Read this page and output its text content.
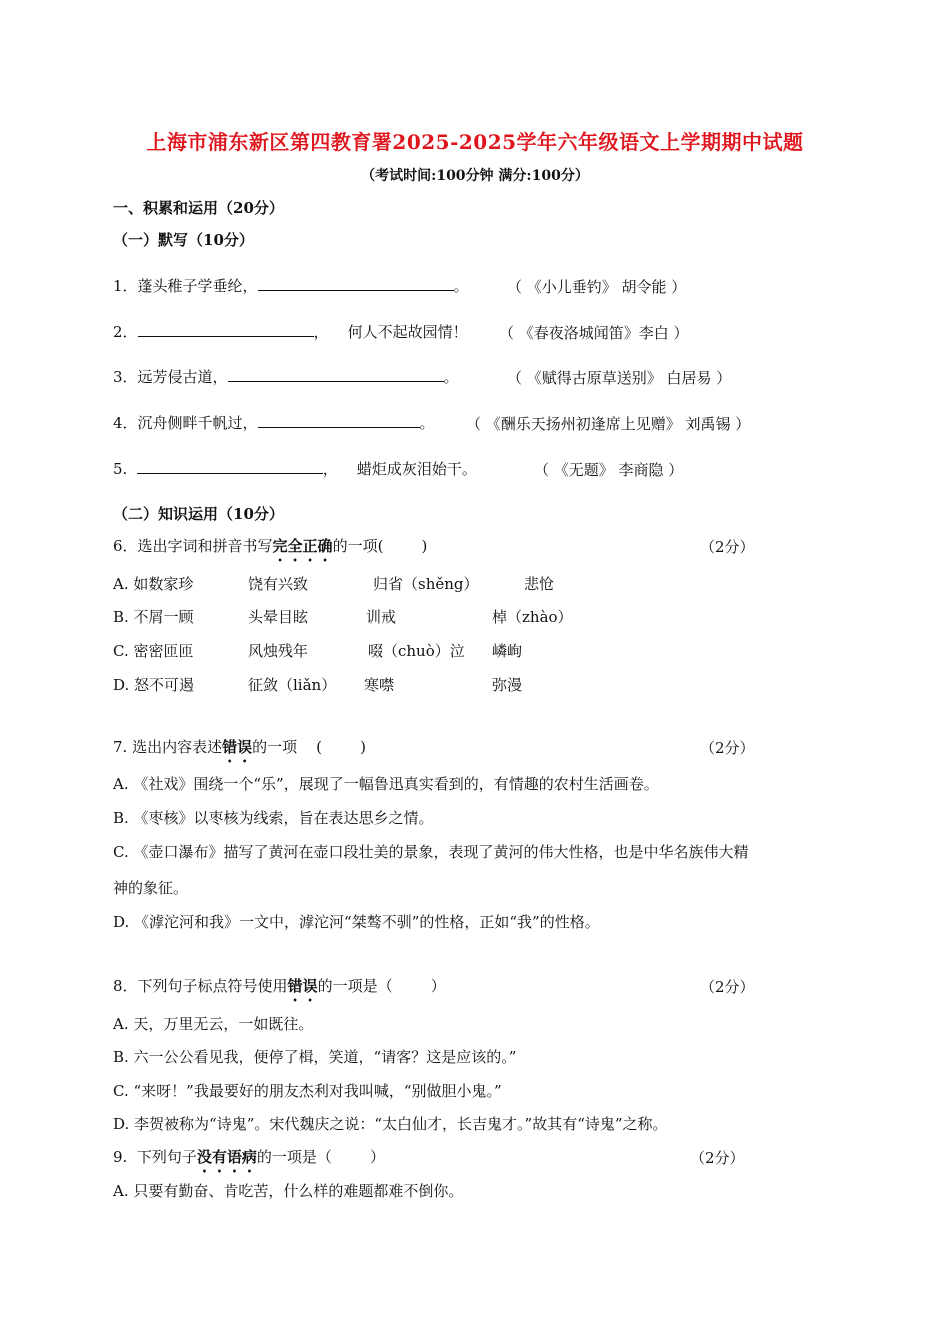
上海市浦东新区第四教育署2025-2025学年六年级语文上学期期中试题
（考试时间:100分钟 满分:100分）
一、积累和运用（20分）
（一）默写（10分）
1．蓬头稚子学垂纶，	。	（ 《小儿垂钓》 胡令能 ）
2．	，    何人不起故园情！ （ 《春夜洛城闻笛》李白 ）
3．远芳侵古道，	。	（ 《赋得古原草送别》 白居易 ）
4．沉舟侧畔千帆过，	。 （ 《酬乐天扬州初逢席上见赠》 刘禹锡 ）
5.	，    蜡炬成灰泪始干。	（ 《无题》 李商隐 ）
（二）知识运用（10分）
6．选出字词和拼音书写完全正确的一项(        )	（2分）
A. 如数家珍	饶有兴致	归省（shěng）	悲怆
B. 不屑一顾	头晕目眩	训戒	棹（zhào）
C. 密密匝匝	风烛残年	啜（chuò）泣 嶙峋
D. 怒不可遏	征敛（liǎn） 寒噤	弥漫
7. 选出内容表述错误的一项    (        )	（2分）
A. 《社戏》围绕一个“乐”，展现了一幅鲁迅真实看到的，有情趣的农村生活画卷。
B. 《枣核》以枣核为线索，旨在表达思乡之情。
C. 《壶口瀑布》描写了黄河在壶口段壮美的景象，表现了黄河的伟大性格，也是中华名族伟大精
神的象征。
D. 《滹沱河和我》一文中，滹沱河“桀骜不驯”的性格，正如“我”的性格。
8．下列句子标点符号使用错误的一项是（        ）	（2分）
A. 天，万里无云，一如既往。
B. 六一公公看见我，便停了楫，笑道，“请客？这是应该的。”
C. “来呀！”我最要好的朋友杰利对我叫喊，“别做胆小鬼。”
D. 李贺被称为“诗鬼”。宋代魏庆之说：“太白仙才，长吉鬼才。”故其有“诗鬼”之称。
9.  下列句子没有语病的一项是（        ）	（2分）
A. 只要有勤奋、肯吃苦，什么样的难题都难不倒你。
